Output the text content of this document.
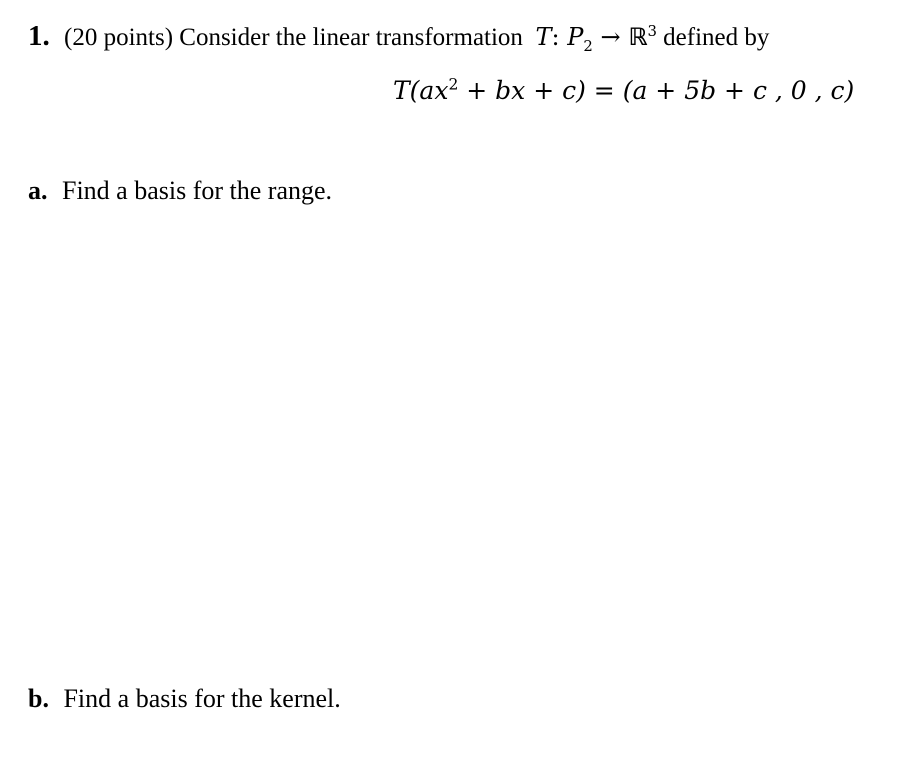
1. (20 points) Consider the linear transformation T: $P_2$ → ℝ$^3$ defined by
$T(ax^2$ + bx + c) = (a + 5b + c , 0 , c)
a. Find a basis for the range.
b. Find a basis for the kernel.
